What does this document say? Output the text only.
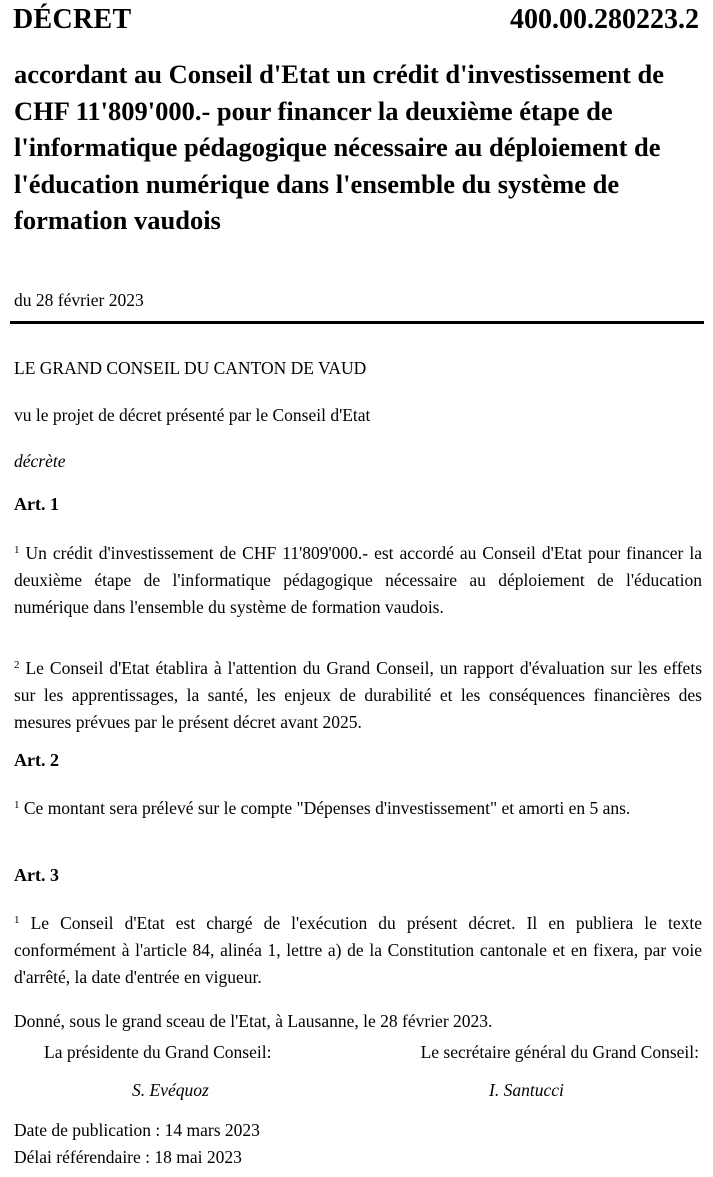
DÉCRET	400.00.280223.2
accordant au Conseil d'Etat un crédit d'investissement de CHF 11'809'000.- pour financer la deuxième étape de l'informatique pédagogique nécessaire au déploiement de l'éducation numérique dans l'ensemble du système de formation vaudois
du 28 février 2023
LE GRAND CONSEIL DU CANTON DE VAUD
vu le projet de décret présenté par le Conseil d'Etat
décrète
Art. 1
$^1$ Un crédit d'investissement de CHF 11'809'000.- est accordé au Conseil d'Etat pour financer la deuxième étape de l'informatique pédagogique nécessaire au déploiement de l'éducation numérique dans l'ensemble du système de formation vaudois.
$^2$ Le Conseil d'Etat établira à l'attention du Grand Conseil, un rapport d'évaluation sur les effets sur les apprentissages, la santé, les enjeux de durabilité et les conséquences financières des mesures prévues par le présent décret avant 2025.
Art. 2
$^1$ Ce montant sera prélevé sur le compte "Dépenses d'investissement" et amorti en 5 ans.
Art. 3
$^1$ Le Conseil d'Etat est chargé de l'exécution du présent décret. Il en publiera le texte conformément à l'article 84, alinéa 1, lettre a) de la Constitution cantonale et en fixera, par voie d'arrêté, la date d'entrée en vigueur.
Donné, sous le grand sceau de l'Etat, à Lausanne, le 28 février 2023.
La présidente du Grand Conseil:	Le secrétaire général du Grand Conseil:
S. Evéquoz	I. Santucci
Date de publication : 14 mars 2023
Délai référendaire : 18 mai 2023
